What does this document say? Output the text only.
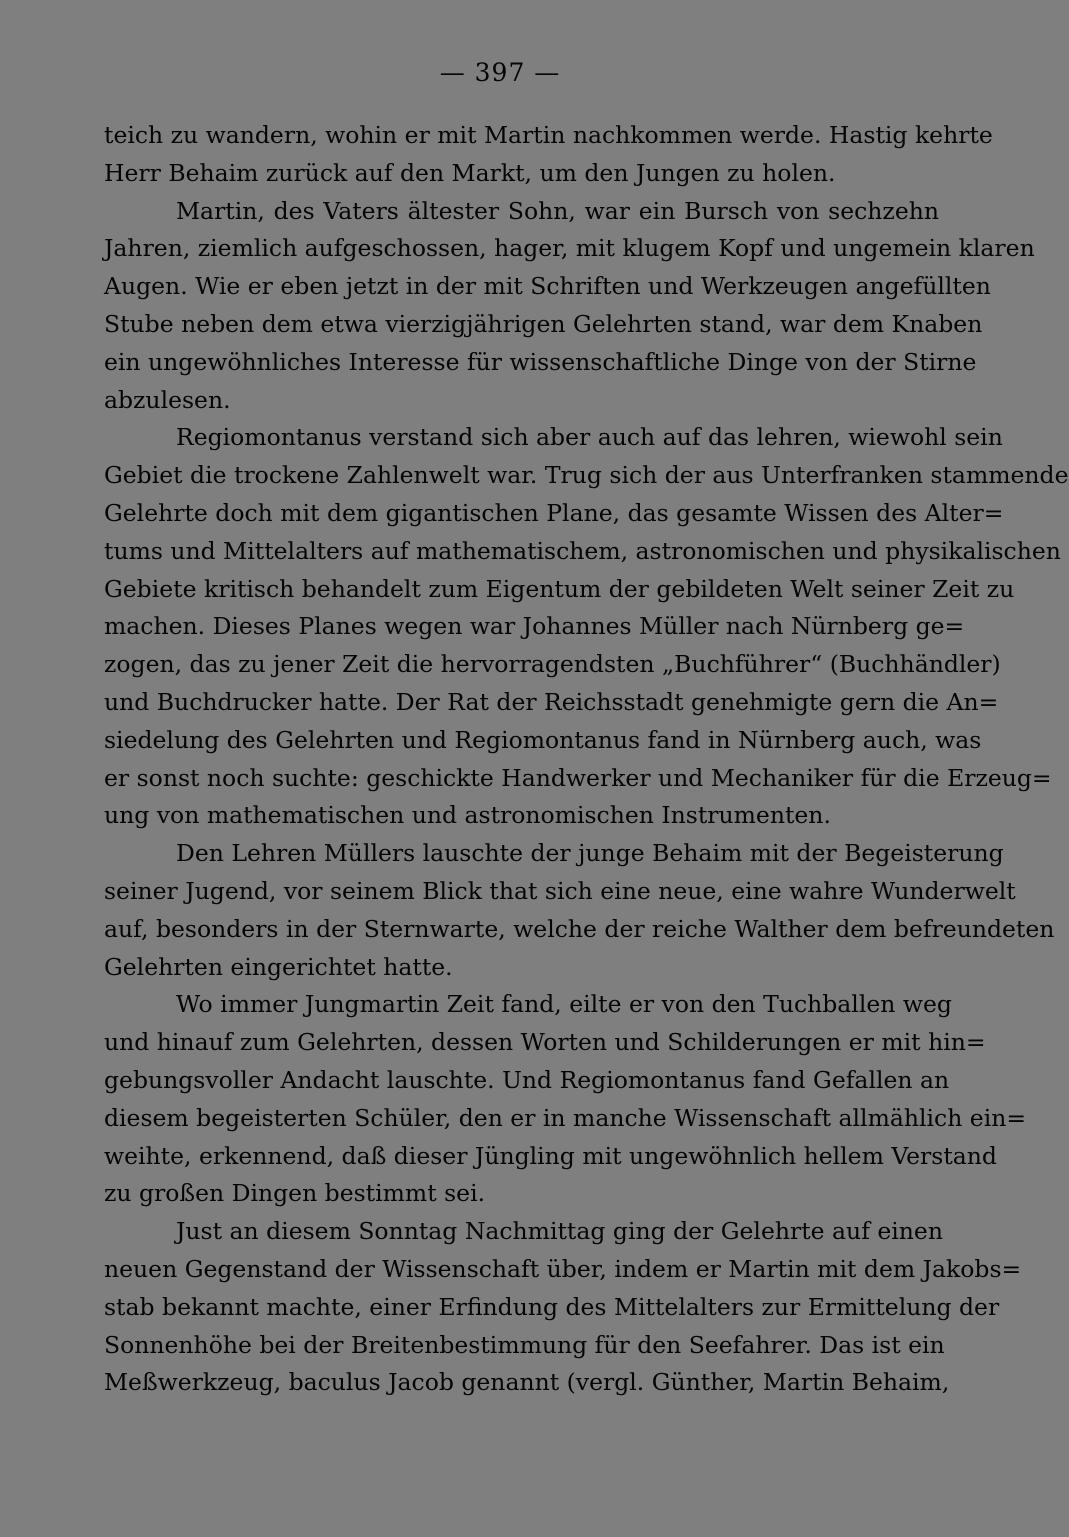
— 397 —
teich zu wandern, wohin er mit Martin nachkommen werde. Hastig kehrte
Herr Behaim zurück auf den Markt, um den Jungen zu holen.
Martin, des Vaters ältester Sohn, war ein Bursch von sechzehn
Jahren, ziemlich aufgeschossen, hager, mit klugem Kopf und ungemein klaren
Augen. Wie er eben jetzt in der mit Schriften und Werkzeugen angefüllten
Stube neben dem etwa vierzigjährigen Gelehrten stand, war dem Knaben
ein ungewöhnliches Interesse für wissenschaftliche Dinge von der Stirne
abzulesen.
Regiomontanus verstand sich aber auch auf das lehren, wiewohl sein
Gebiet die trockene Zahlenwelt war. Trug sich der aus Unterfranken stammende
Gelehrte doch mit dem gigantischen Plane, das gesamte Wissen des Alter=
tums und Mittelalters auf mathematischem, astronomischen und physikalischen
Gebiete kritisch behandelt zum Eigentum der gebildeten Welt seiner Zeit zu
machen. Dieses Planes wegen war Johannes Müller nach Nürnberg ge=
zogen, das zu jener Zeit die hervorragendsten „Buchführer“ (Buchhändler)
und Buchdrucker hatte. Der Rat der Reichsstadt genehmigte gern die An=
siedelung des Gelehrten und Regiomontanus fand in Nürnberg auch, was
er sonst noch suchte: geschickte Handwerker und Mechaniker für die Erzeug=
ung von mathematischen und astronomischen Instrumenten.
Den Lehren Müllers lauschte der junge Behaim mit der Begeisterung
seiner Jugend, vor seinem Blick that sich eine neue, eine wahre Wunderwelt
auf, besonders in der Sternwarte, welche der reiche Walther dem befreundeten
Gelehrten eingerichtet hatte.
Wo immer Jungmartin Zeit fand, eilte er von den Tuchballen weg
und hinauf zum Gelehrten, dessen Worten und Schilderungen er mit hin=
gebungsvoller Andacht lauschte. Und Regiomontanus fand Gefallen an
diesem begeisterten Schüler, den er in manche Wissenschaft allmählich ein=
weihte, erkennend, daß dieser Jüngling mit ungewöhnlich hellem Verstand
zu großen Dingen bestimmt sei.
Just an diesem Sonntag Nachmittag ging der Gelehrte auf einen
neuen Gegenstand der Wissenschaft über, indem er Martin mit dem Jakobs=
stab bekannt machte, einer Erfindung des Mittelalters zur Ermittelung der
Sonnenhöhe bei der Breitenbestimmung für den Seefahrer. Das ist ein
Meßwerkzeug, baculus Jacob genannt (vergl. Günther, Martin Behaim,
